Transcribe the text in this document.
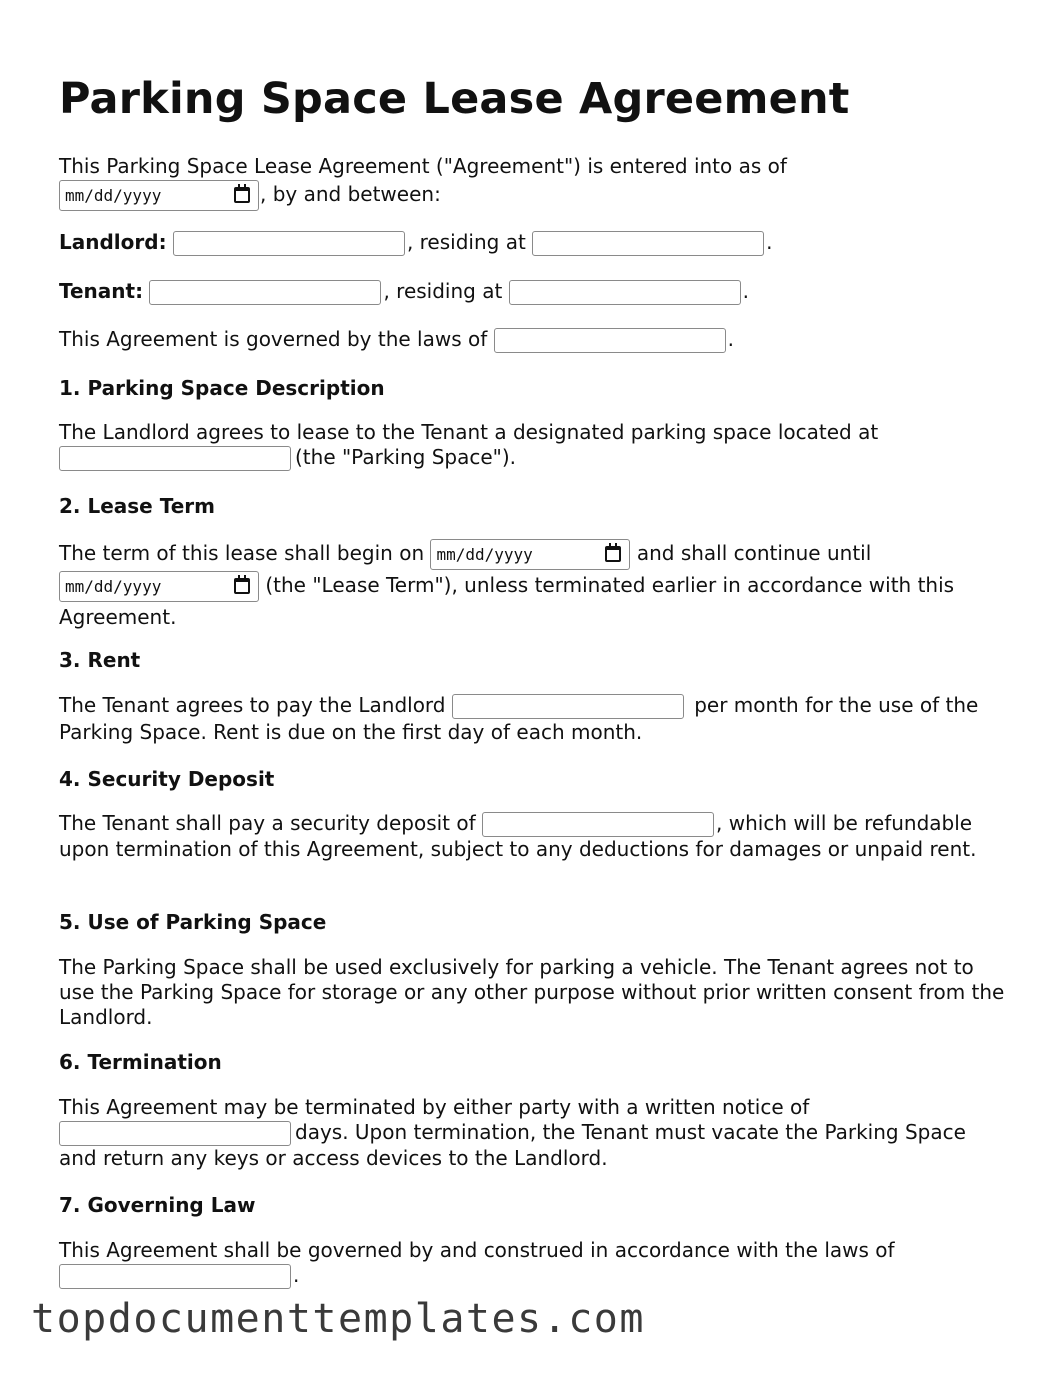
Parking Space Lease Agreement

This Parking Space Lease Agreement ("Agreement") is entered into as of
mm/dd/yyyy	, by and between:

Landlord:	, residing at	.

Tenant:	, residing at	.

This Agreement is governed by the laws of	.

1. Parking Space Description

The Landlord agrees to lease to the Tenant a designated parking space located at
(the "Parking Space").

2. Lease Term

The term of this lease shall begin on mm/dd/yyyy	and shall continue until mm/dd/yyyy	(the "Lease Term"), unless terminated earlier in accordance with this Agreement.

3. Rent

The Tenant agrees to pay the Landlord	per month for the use of the Parking Space. Rent is due on the first day of each month.

4. Security Deposit

The Tenant shall pay a security deposit of	, which will be refundable upon termination of this Agreement, subject to any deductions for damages or unpaid rent.

5. Use of Parking Space

The Parking Space shall be used exclusively for parking a vehicle. The Tenant agrees not to use the Parking Space for storage or any other purpose without prior written consent from the Landlord.

6. Termination

This Agreement may be terminated by either party with a written notice of
days. Upon termination, the Tenant must vacate the Parking Space and return any keys or access devices to the Landlord.

7. Governing Law

This Agreement shall be governed by and construed in accordance with the laws of
.

topdocumenttemplates.com
